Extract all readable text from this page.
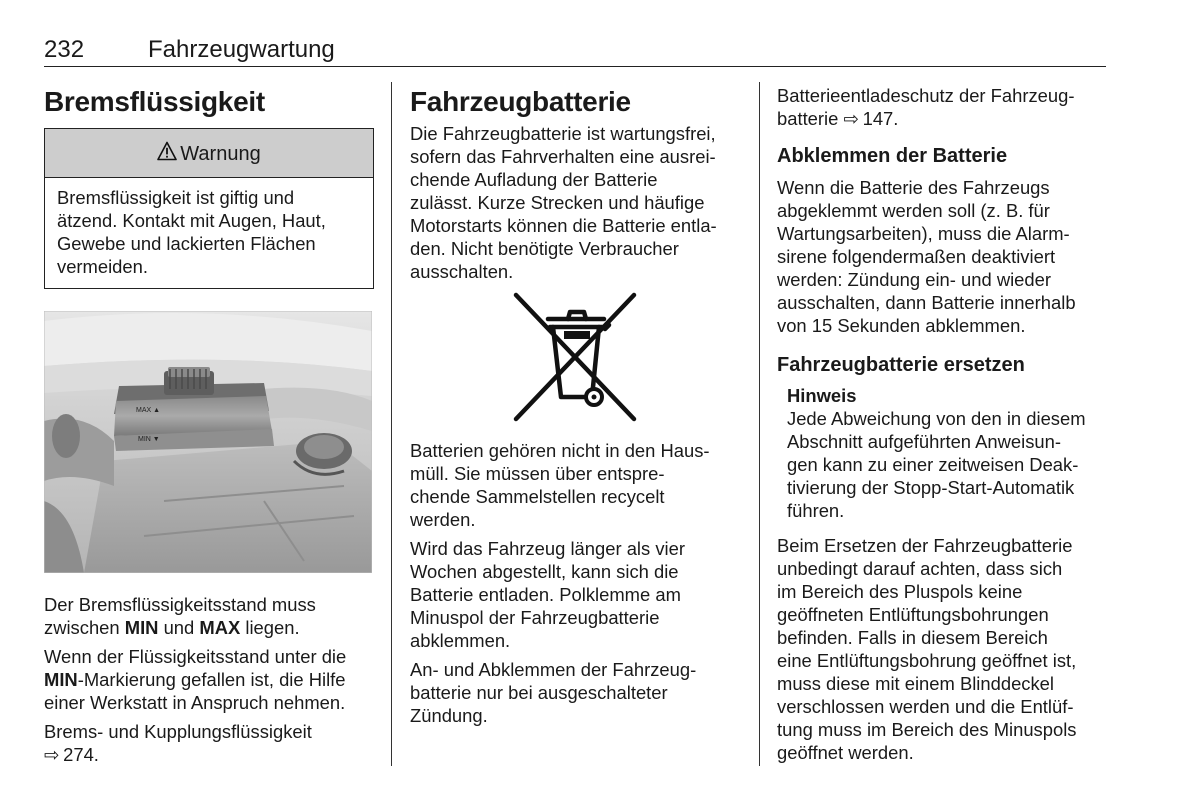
232	Fahrzeugwartung
Bremsflüssigkeit
Warnung
Bremsflüssigkeit ist giftig und
ätzend. Kontakt mit Augen, Haut,
Gewebe und lackierten Flächen
vermeiden.
MAX ▲
MIN ▼

Der Bremsflüssigkeitsstand muss
zwischen MIN und MAX liegen.

Wenn der Flüssigkeitsstand unter die
MIN-Markierung gefallen ist, die Hilfe
einer Werkstatt in Anspruch nehmen.

Brems- und Kupplungsflüssigkeit
⇨ 274.

Fahrzeugbatterie

Die Fahrzeugbatterie ist wartungsfrei,
sofern das Fahrverhalten eine ausrei-
chende Aufladung der Batterie
zulässt. Kurze Strecken und häufige
Motorstarts können die Batterie entla-
den. Nicht benötigte Verbraucher
ausschalten.

Batterien gehören nicht in den Haus-
müll. Sie müssen über entspre-
chende Sammelstellen recycelt
werden.

Wird das Fahrzeug länger als vier
Wochen abgestellt, kann sich die
Batterie entladen. Polklemme am
Minuspol der Fahrzeugbatterie
abklemmen.

An- und Abklemmen der Fahrzeug-
batterie nur bei ausgeschalteter
Zündung.

Batterieentladeschutz der Fahrzeug-
batterie ⇨ 147.

Abklemmen der Batterie

Wenn die Batterie des Fahrzeugs
abgeklemmt werden soll (z. B. für
Wartungsarbeiten), muss die Alarm-
sirene folgendermaßen deaktiviert
werden: Zündung ein- und wieder
ausschalten, dann Batterie innerhalb
von 15 Sekunden abklemmen.

Fahrzeugbatterie ersetzen
Hinweis

Jede Abweichung von den in diesem
Abschnitt aufgeführten Anweisun-
gen kann zu einer zeitweisen Deak-
tivierung der Stopp-Start-Automatik
führen.

Beim Ersetzen der Fahrzeugbatterie
unbedingt darauf achten, dass sich
im Bereich des Pluspols keine
geöffneten Entlüftungsbohrungen
befinden. Falls in diesem Bereich
eine Entlüftungsbohrung geöffnet ist,
muss diese mit einem Blinddeckel
verschlossen werden und die Entlüf-
tung muss im Bereich des Minuspols
geöffnet werden.
